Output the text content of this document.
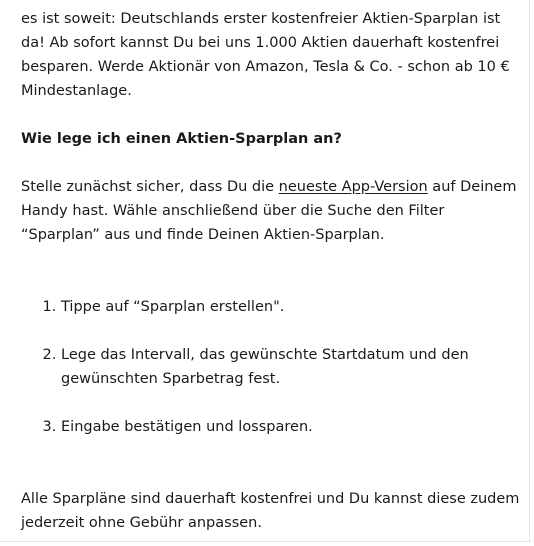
es ist soweit: Deutschlands erster kostenfreier Aktien-Sparplan ist da! Ab sofort kannst Du bei uns 1.000 Aktien dauerhaft kostenfrei besparen. Werde Aktionär von Amazon, Tesla & Co. - schon ab 10 € Mindestanlage.

Wie lege ich einen Aktien-Sparplan an?

Stelle zunächst sicher, dass Du die neueste App-Version auf Deinem Handy hast. Wähle anschließend über die Suche den Filter “Sparplan” aus und finde Deinen Aktien-Sparplan.

1. Tippe auf “Sparplan erstellen".
2. Lege das Intervall, das gewünschte Startdatum und den gewünschten Sparbetrag fest.
3. Eingabe bestätigen und lossparen.

Alle Sparpläne sind dauerhaft kostenfrei und Du kannst diese zudem jederzeit ohne Gebühr anpassen.
